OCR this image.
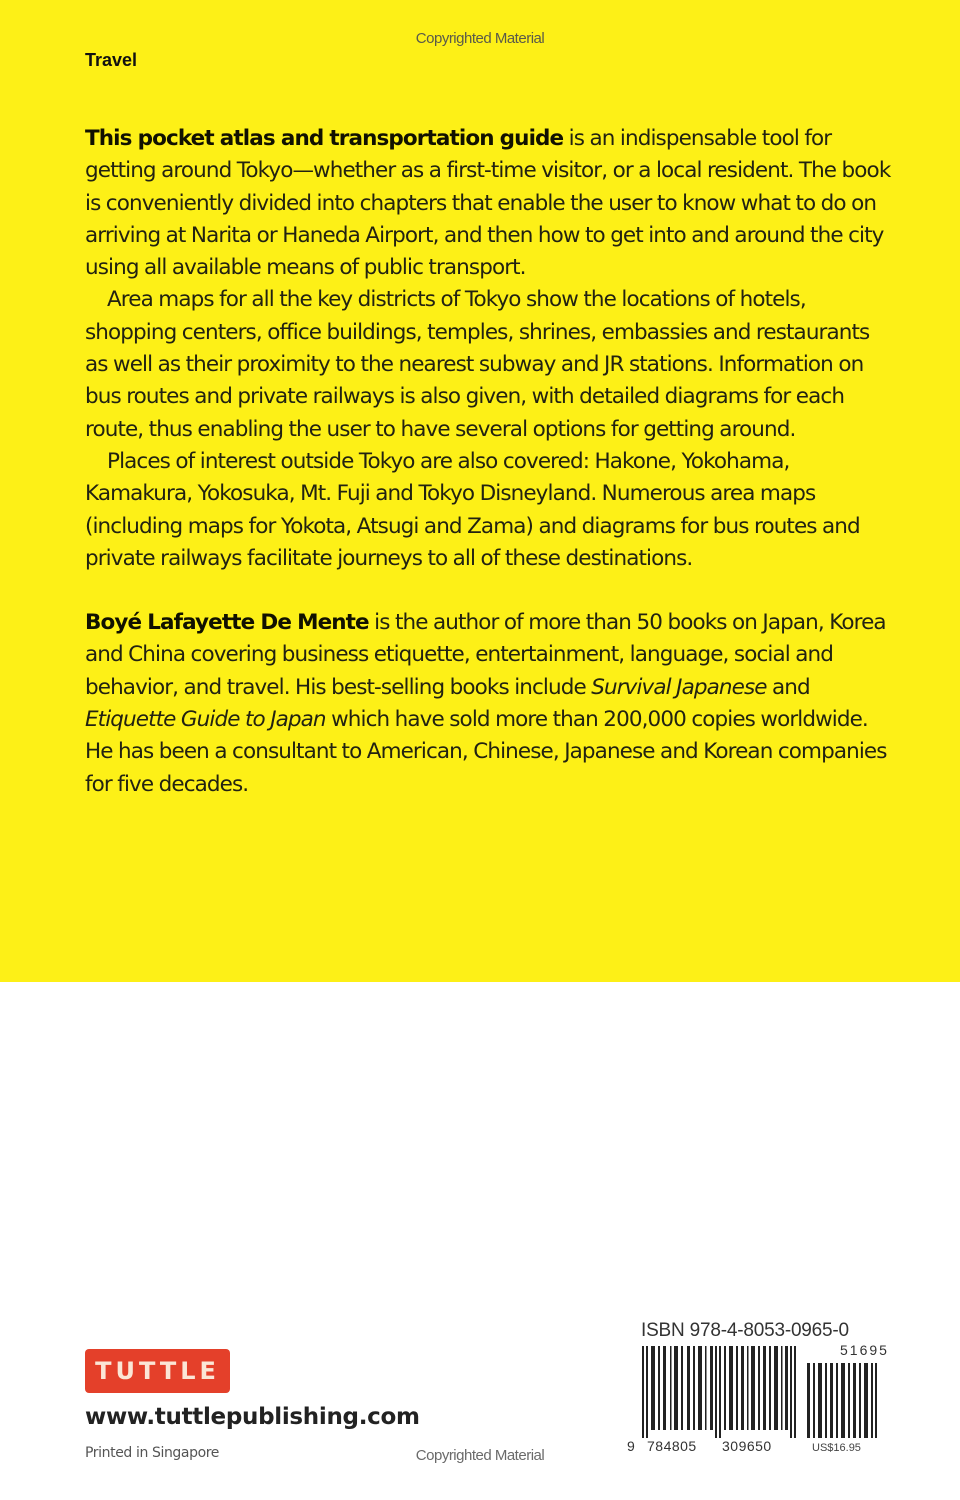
Copyrighted Material
Travel

This pocket atlas and transportation guide is an indispensable tool for getting around Tokyo—whether as a first-time visitor, or a local resident. The book is conveniently divided into chapters that enable the user to know what to do on arriving at Narita or Haneda Airport, and then how to get into and around the city using all available means of public transport.

Area maps for all the key districts of Tokyo show the locations of hotels, shopping centers, office buildings, temples, shrines, embassies and restaurants as well as their proximity to the nearest subway and JR stations. Information on bus routes and private railways is also given, with detailed diagrams for each route, thus enabling the user to have several options for getting around.

Places of interest outside Tokyo are also covered: Hakone, Yokohama, Kamakura, Yokosuka, Mt. Fuji and Tokyo Disneyland. Numerous area maps (including maps for Yokota, Atsugi and Zama) and diagrams for bus routes and private railways facilitate journeys to all of these destinations.

Boyé Lafayette De Mente is the author of more than 50 books on Japan, Korea and China covering business etiquette, entertainment, language, social and behavior, and travel. His best-selling books include Survival Japanese and Etiquette Guide to Japan which have sold more than 200,000 copies worldwide. He has been a consultant to American, Chinese, Japanese and Korean companies for five decades.

TUTTLE
www.tuttlepublishing.com
Printed in Singapore	Copyrighted Material
ISBN 978-4-8053-0965-0
9 784805 309650
51695
US$16.95
